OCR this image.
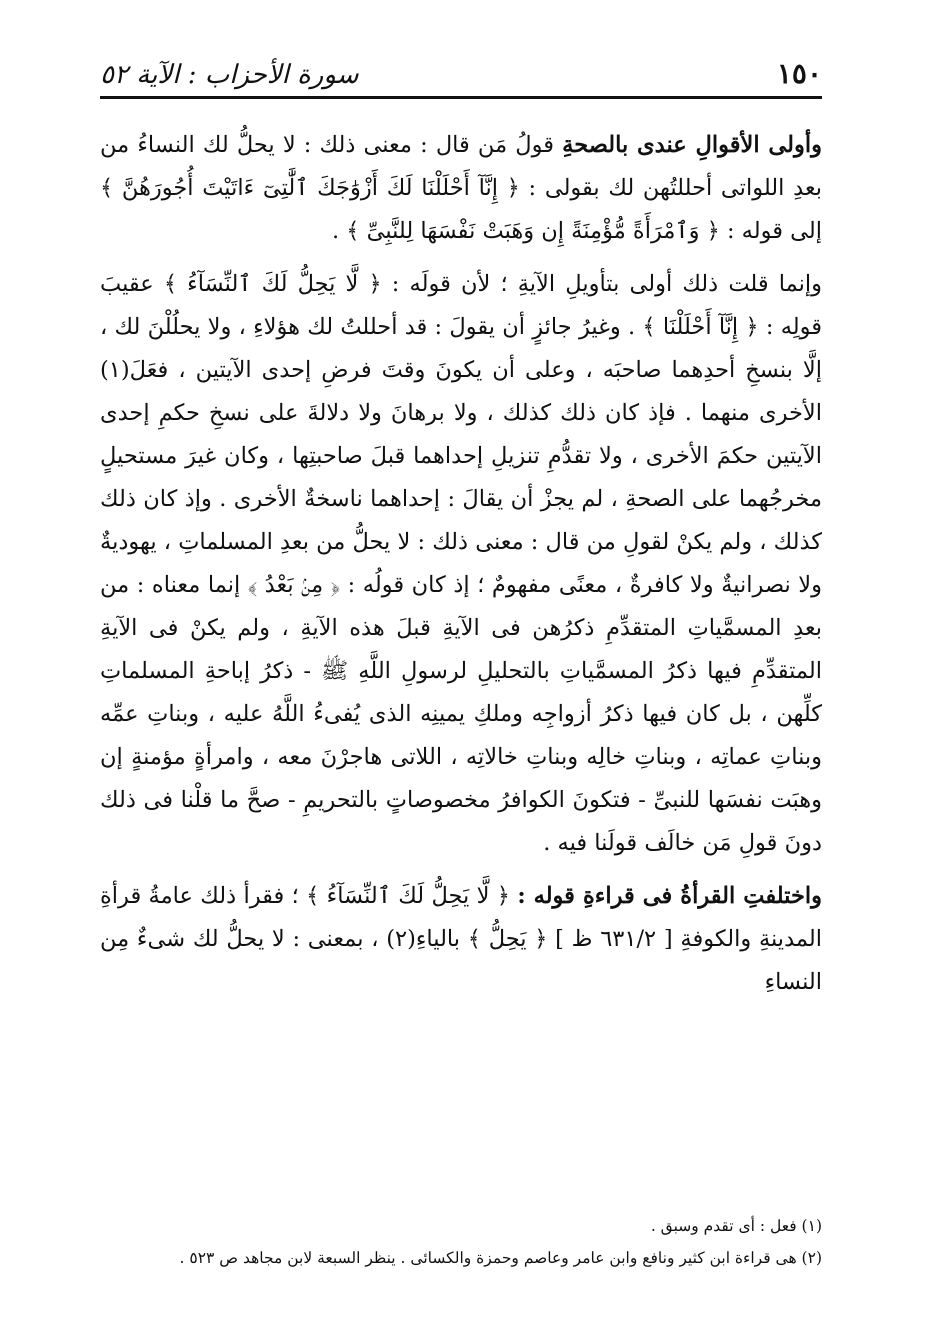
١٥٠
سورة الأحزاب : الآية ٥٢

وأولى الأقوالِ عندى بالصحةِ قولُ مَن قال : معنى ذلك : لا يحلُّ لك النساءُ من بعدِ اللواتى أحللتُهن لك بقولى : ﴿ إِنَّآ أَحْلَلْنَا لَكَ أَزْوَٰجَكَ ٱلَّٰتِىٓ ءَاتَيْتَ أُجُورَهُنَّ ﴾ إلى قوله : ﴿ وَٱمْرَأَةً مُّؤْمِنَةً إِن وَهَبَتْ نَفْسَهَا لِلنَّبِىِّ ﴾ .

وإنما قلت ذلك أولى بتأويلِ الآيةِ ؛ لأن قولَه : ﴿ لَّا يَحِلُّ لَكَ ٱلنِّسَآءُ ﴾ عقيبَ قولِه : ﴿ إِنَّآ أَحْلَلْنَا ﴾ . وغيرُ جائزٍ أن يقولَ : قد أحللتُ لك هؤلاءِ ، ولا يحلُلْنَ لك ، إلَّا بنسخِ أحدِهما صاحبَه ، وعلى أن يكونَ وقتَ فرضِ إحدى الآيتين ، فعَلَ(١) الأخرى منهما . فإذ كان ذلك كذلك ، ولا برهانَ ولا دلالةَ على نسخِ حكمِ إحدى الآيتين حكمَ الأخرى ، ولا تقدُّمِ تنزيلِ إحداهما قبلَ صاحبتِها ، وكان غيرَ مستحيلٍ مخرجُهما على الصحةِ ، لم يجزْ أن يقالَ : إحداهما ناسخةٌ الأخرى . وإذ كان ذلك كذلك ، ولم يكنْ لقولِ من قال : معنى ذلك : لا يحلُّ من بعدِ المسلماتِ ، يهوديةٌ ولا نصرانيةٌ ولا كافرةٌ ، معنًى مفهومٌ ؛ إذ كان قولُه : ﴿ مِنۢ بَعْدُ ﴾ إنما معناه : من بعدِ المسمَّياتِ المتقدِّمِ ذكرُهن فى الآيةِ قبلَ هذه الآيةِ ، ولم يكنْ فى الآيةِ المتقدِّمِ فيها ذكرُ المسمَّياتِ بالتحليلِ لرسولِ اللَّهِ ﷺ - ذكرُ إباحةِ المسلماتِ كلِّهن ، بل كان فيها ذكرُ أزواجِه وملكِ يمينِه الذى يُفىءُ اللَّهُ عليه ، وبناتِ عمِّه وبناتِ عماتِه ، وبناتِ خالِه وبناتِ خالاتِه ، اللاتى هاجرْنَ معه ، وامرأةٍ مؤمنةٍ إن وهبَت نفسَها للنبىِّ - فتكونَ الكوافرُ مخصوصاتٍ بالتحريمِ - صحَّ ما قلْنا فى ذلك دونَ قولِ مَن خالَف قولَنا فيه .

واختلفتِ القرأةُ فى قراءةِ قوله : ﴿ لَّا يَحِلُّ لَكَ ٱلنِّسَآءُ ﴾ ؛ فقرأ ذلك عامةُ قرأةِ المدينةِ والكوفةِ [ ٦٣١/٢ ظ ] ﴿ يَحِلُّ ﴾ بالياءِ(٢) ، بمعنى : لا يحلُّ لك شىءٌ مِن النساءِ

(١) فعل : أى تقدم وسبق .

(٢) هى قراءة ابن كثير ونافع وابن عامر وعاصم وحمزة والكسائى . ينظر السبعة لابن مجاهد ص ٥٢٣ .
